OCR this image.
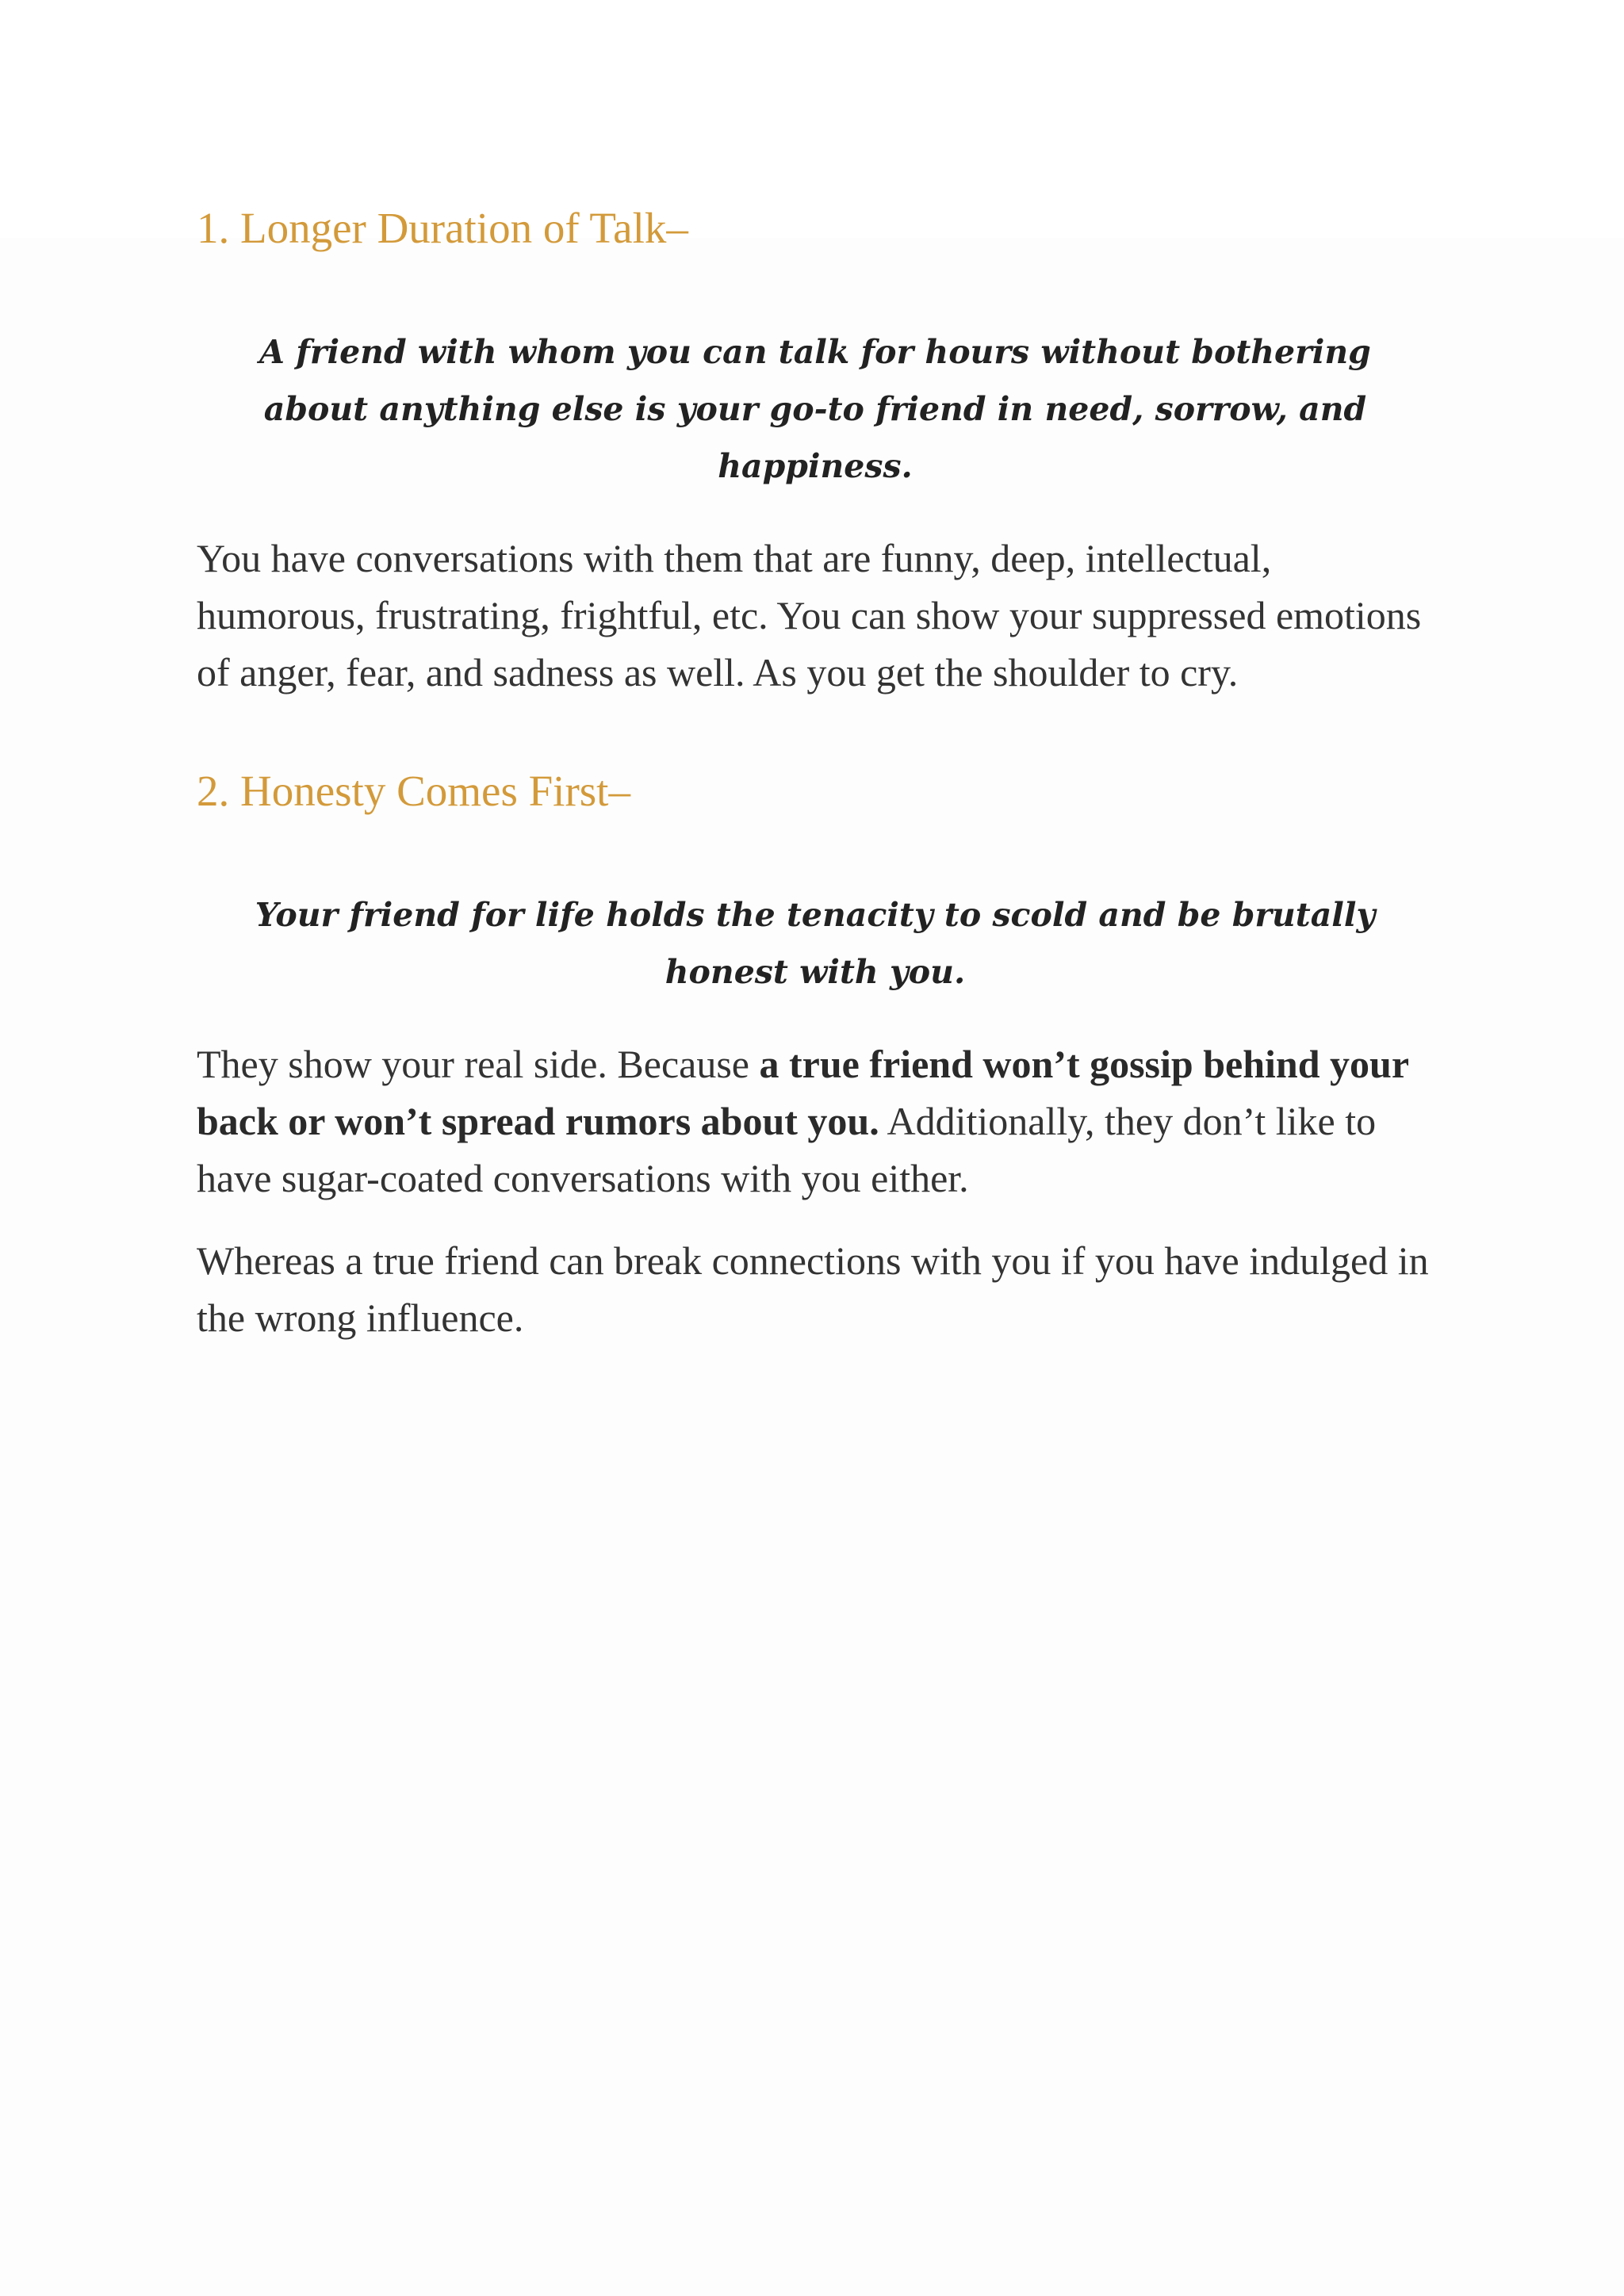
1. Longer Duration of Talk–

A friend with whom you can talk for hours without bothering about anything else is your go-to friend in need, sorrow, and happiness.

You have conversations with them that are funny, deep, intellectual, humorous, frustrating, frightful, etc. You can show your suppressed emotions of anger, fear, and sadness as well. As you get the shoulder to cry.

2. Honesty Comes First–

Your friend for life holds the tenacity to scold and be brutally honest with you.

They show your real side. Because a true friend won’t gossip behind your back or won’t spread rumors about you. Additionally, they don’t like to have sugar-coated conversations with you either.

Whereas a true friend can break connections with you if you have indulged in the wrong influence.
